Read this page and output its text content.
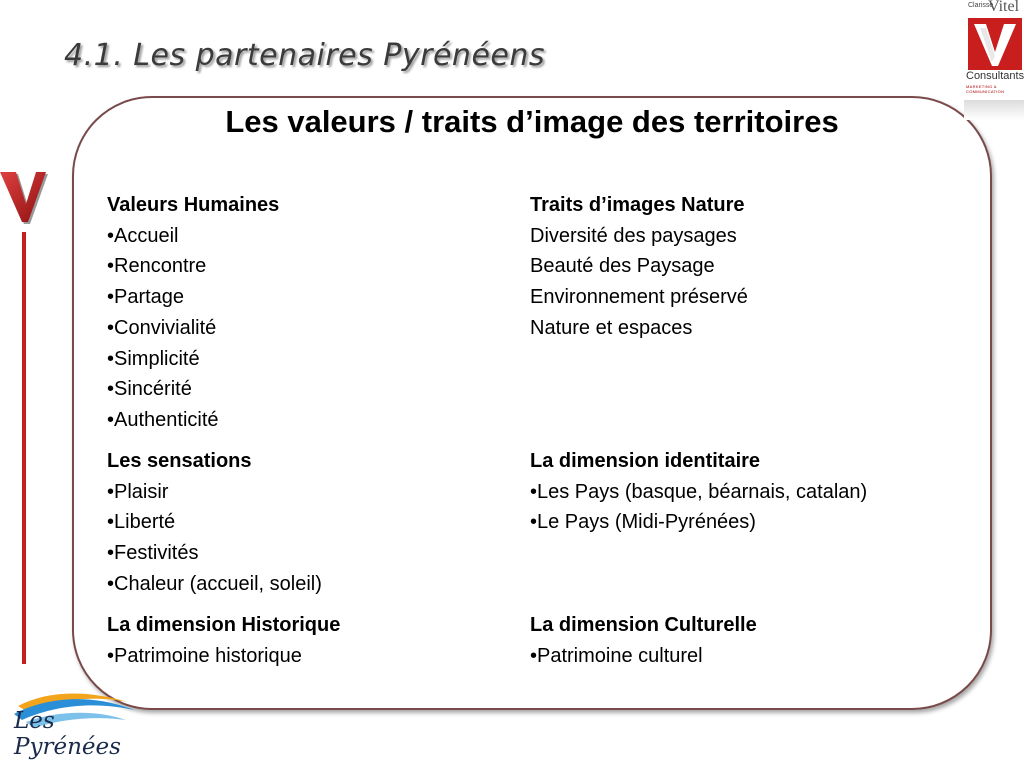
4.1. Les partenaires Pyrénéens
Les valeurs / traits d’image des territoires
Valeurs Humaines
•Accueil
•Rencontre
•Partage
•Convivialité
•Simplicité
•Sincérité
•Authenticité
Les sensations
•Plaisir
•Liberté
•Festivités
•Chaleur (accueil, soleil)
La dimension Historique
•Patrimoine historique
Traits d’images Nature
Diversité des paysages
Beauté des Paysage
Environnement préservé
Nature et espaces
La dimension identitaire
•Les Pays (basque, béarnais, catalan)
•Le Pays (Midi-Pyrénées)
La dimension Culturelle
•Patrimoine culturel
Clarisse
Vitel
Consultants
MARKETING & COMMUNICATION
Les Pyrénées
